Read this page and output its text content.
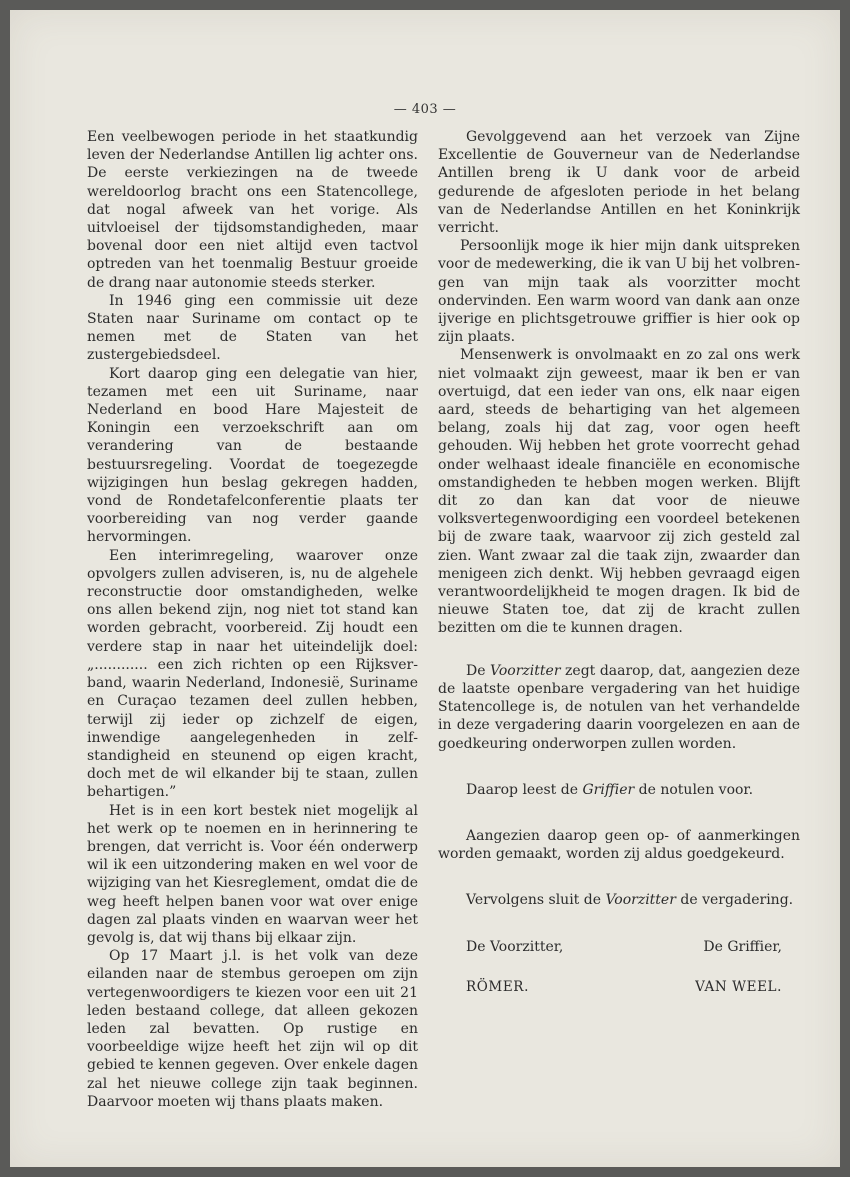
— 403 —

Een veelbewogen periode in het staatkundig leven der Nederlandse Antillen lig achter ons. De eerste verkiezingen na de tweede wereldoorlog bracht ons een Statencollege, dat nogal afweek van het vorige. Als uitvloeisel der tijdsomstandigheden, maar bovenal door een niet altijd even tactvol optreden van het toenmalig Bestuur groeide de drang naar autonomie steeds sterker.

In 1946 ging een commissie uit deze Staten naar Suriname om contact op te nemen met de Staten van het zustergebiedsdeel.

Kort daarop ging een delegatie van hier, tezamen met een uit Suriname, naar Nederland en bood Hare Majesteit de Koningin een verzoekschrift aan om verandering van de bestaande bestuursregeling. Voordat de toegezegde wijzigingen hun beslag gekregen hadden, vond de Rondetafelconferentie plaats ter voorbereiding van nog verder gaande hervormingen.

Een interimregeling, waarover onze opvolgers zullen adviseren, is, nu de algehele reconstructie door omstandigheden, welke ons allen bekend zijn, nog niet tot stand kan worden gebracht, voorbereid. Zij houdt een verdere stap in naar het uiteindelijk doel: „............ een zich richten op een Rijksverband, waarin Nederland, Indonesië, Suriname en Curaçao tezamen deel zullen hebben, terwijl zij ieder op zichzelf de eigen, inwendige aangelegenheden in zelfstandigheid en steunend op eigen kracht, doch met de wil elkander bij te staan, zullen behartigen.”

Het is in een kort bestek niet mogelijk al het werk op te noemen en in herinnering te brengen, dat verricht is. Voor één onderwerp wil ik een uitzondering maken en wel voor de wijziging van het Kiesreglement, omdat die de weg heeft helpen banen voor wat over enige dagen zal plaats vinden en waarvan weer het gevolg is, dat wij thans bij elkaar zijn.

Op 17 Maart j.l. is het volk van deze eilanden naar de stembus geroepen om zijn vertegenwoordigers te kiezen voor een uit 21 leden bestaand college, dat alleen gekozen leden zal bevatten. Op rustige en voorbeeldige wijze heeft het zijn wil op dit gebied te kennen gegeven. Over enkele dagen zal het nieuwe college zijn taak beginnen. Daarvoor moeten wij thans plaats maken.

Gevolggevend aan het verzoek van Zijne Excellentie de Gouverneur van de Nederlandse Antillen breng ik U dank voor de arbeid gedurende de afgesloten periode in het belang van de Nederlandse Antillen en het Koninkrijk verricht.

Persoonlijk moge ik hier mijn dank uitspreken voor de medewerking, die ik van U bij het volbrengen van mijn taak als voorzitter mocht ondervinden. Een warm woord van dank aan onze ijverige en plichtsgetrouwe griffier is hier ook op zijn plaats.

Mensenwerk is onvolmaakt en zo zal ons werk niet volmaakt zijn geweest, maar ik ben er van overtuigd, dat een ieder van ons, elk naar eigen aard, steeds de behartiging van het algemeen belang, zoals hij dat zag, voor ogen heeft gehouden. Wij hebben het grote voorrecht gehad onder welhaast ideale financiële en economische omstandigheden te hebben mogen werken. Blijft dit zo dan kan dat voor de nieuwe volksvertegenwoordiging een voordeel betekenen bij de zware taak, waarvoor zij zich gesteld zal zien. Want zwaar zal die taak zijn, zwaarder dan menigeen zich denkt. Wij hebben gevraagd eigen verantwoordelijkheid te mogen dragen. Ik bid de nieuwe Staten toe, dat zij de kracht zullen bezitten om die te kunnen dragen.

De Voorzitter zegt daarop, dat, aangezien deze de laatste openbare vergadering van het huidige Statencollege is, de notulen van het verhandelde in deze vergadering daarin voorgelezen en aan de goedkeuring onderworpen zullen worden.

Daarop leest de Griffier de notulen voor.

Aangezien daarop geen op- of aanmerkingen worden gemaakt, worden zij aldus goedgekeurd.

Vervolgens sluit de Voorzitter de vergadering.

De Voorzitter,	De Griffier,
RÖMER.	VAN WEEL.
